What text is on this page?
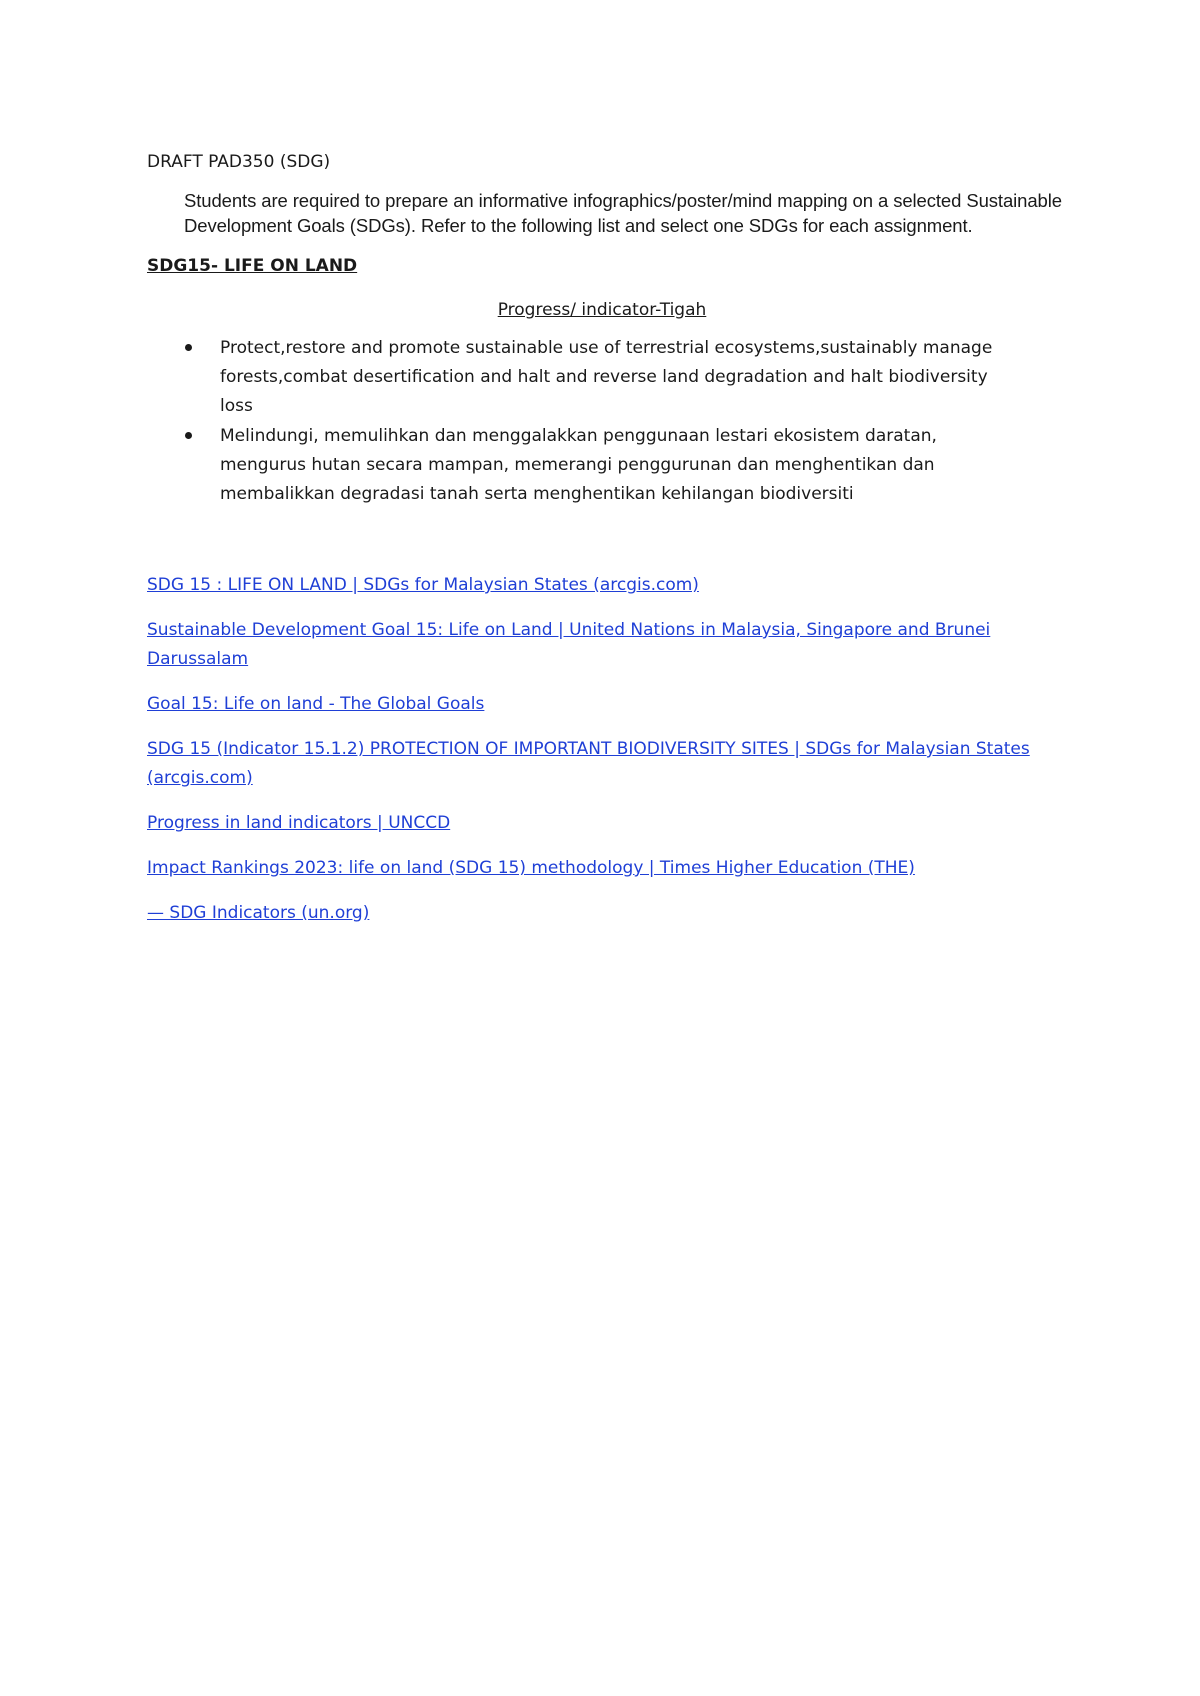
DRAFT PAD350 (SDG)
Students are required to prepare an informative infographics/poster/mind mapping on a selected Sustainable Development Goals (SDGs). Refer to the following list and select one SDGs for each assignment.
SDG15- LIFE ON LAND
Progress/ indicator-Tigah
Protect,restore and promote sustainable use of terrestrial ecosystems,sustainably manage forests,combat desertification and halt and reverse land degradation and halt biodiversity loss
Melindungi, memulihkan dan menggalakkan penggunaan lestari ekosistem daratan, mengurus hutan secara mampan, memerangi penggurunan dan menghentikan dan membalikkan degradasi tanah serta menghentikan kehilangan biodiversiti
SDG 15 : LIFE ON LAND | SDGs for Malaysian States (arcgis.com)
Sustainable Development Goal 15: Life on Land | United Nations in Malaysia, Singapore and Brunei Darussalam
Goal 15: Life on land - The Global Goals
SDG 15 (Indicator 15.1.2) PROTECTION OF IMPORTANT BIODIVERSITY SITES | SDGs for Malaysian States (arcgis.com)
Progress in land indicators | UNCCD
Impact Rankings 2023: life on land (SDG 15) methodology | Times Higher Education (THE)
— SDG Indicators (un.org)
